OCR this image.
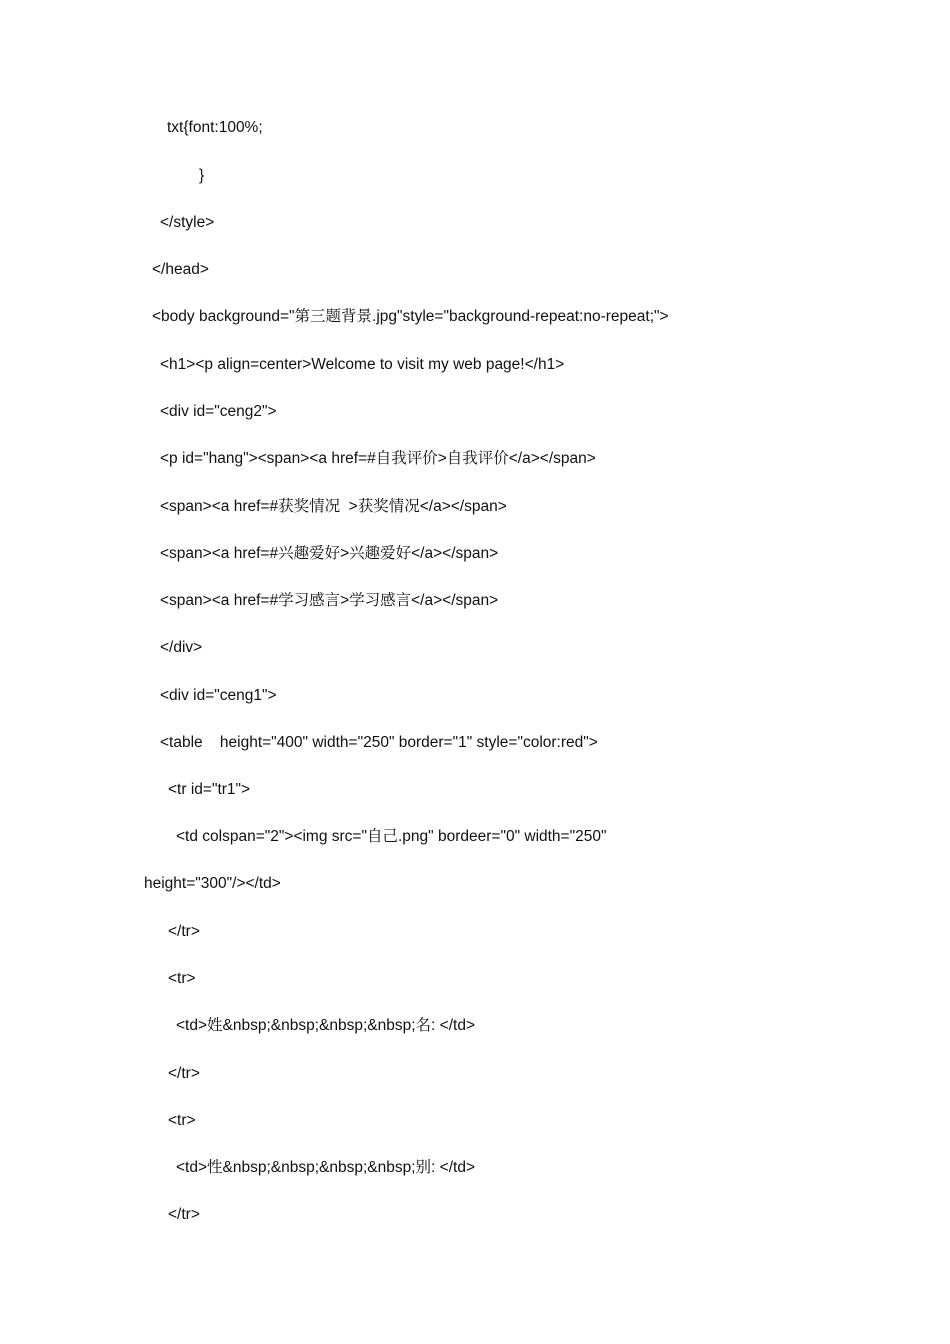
txt{font:100%;
}
</style>
</head>
<body background="第三题背景.jpg"style="background-repeat:no-repeat;">
<h1><p align=center>Welcome to visit my web page!</h1>
<div id="ceng2">
<p id="hang"><span><a href=#自我评价>自我评价</a></span>
<span><a href=#获奖情况  >获奖情况</a></span>
<span><a href=#兴趣爱好>兴趣爱好</a></span>
<span><a href=#学习感言>学习感言</a></span>
</div>
<div id="ceng1">
<table    height="400" width="250" border="1" style="color:red">
<tr id="tr1">
<td colspan="2"><img src="自己.png" bordeer="0" width="250"
height="300"/></td>
</tr>
<tr>
<td>姓&nbsp;&nbsp;&nbsp;&nbsp;名: </td>
</tr>
<tr>
<td>性&nbsp;&nbsp;&nbsp;&nbsp;别: </td>
</tr>
